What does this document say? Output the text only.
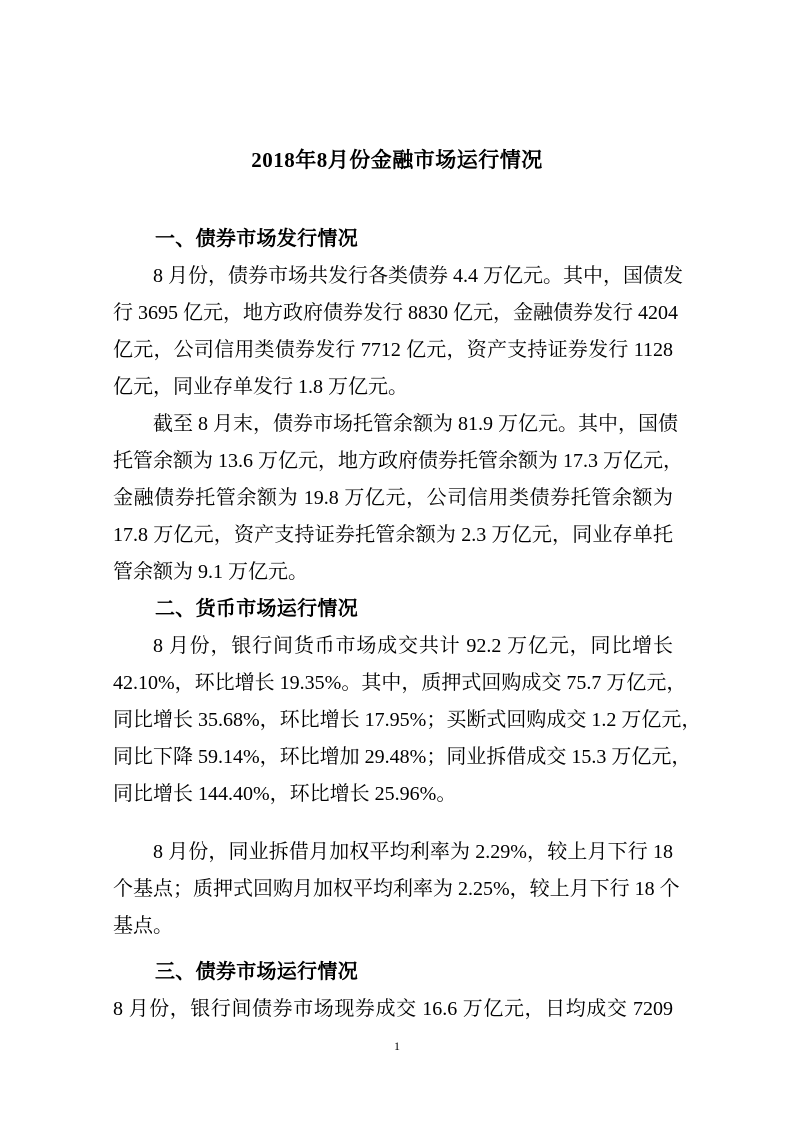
2018年8月份金融市场运行情况
一、债券市场发行情况
8 月份，债券市场共发行各类债券 4.4 万亿元。其中，国债发
行 3695 亿元，地方政府债券发行 8830 亿元，金融债券发行 4204
亿元，公司信用类债券发行 7712 亿元，资产支持证券发行 1128
亿元，同业存单发行 1.8 万亿元。
截至 8 月末，债券市场托管余额为 81.9 万亿元。其中，国债
托管余额为 13.6 万亿元，地方政府债券托管余额为 17.3 万亿元，
金融债券托管余额为 19.8 万亿元，公司信用类债券托管余额为
17.8 万亿元，资产支持证券托管余额为 2.3 万亿元，同业存单托
管余额为 9.1 万亿元。
二、货币市场运行情况
8 月份，银行间货币市场成交共计 92.2 万亿元，同比增长
42.10%，环比增长 19.35%。其中，质押式回购成交 75.7 万亿元，
同比增长 35.68%，环比增长 17.95%；买断式回购成交 1.2 万亿元，
同比下降 59.14%，环比增加 29.48%；同业拆借成交 15.3 万亿元，
同比增长 144.40%，环比增长 25.96%。
8 月份，同业拆借月加权平均利率为 2.29%，较上月下行 18
个基点；质押式回购月加权平均利率为 2.25%，较上月下行 18 个
基点。
三、债券市场运行情况
8 月份，银行间债券市场现券成交 16.6 万亿元，日均成交 7209
1
